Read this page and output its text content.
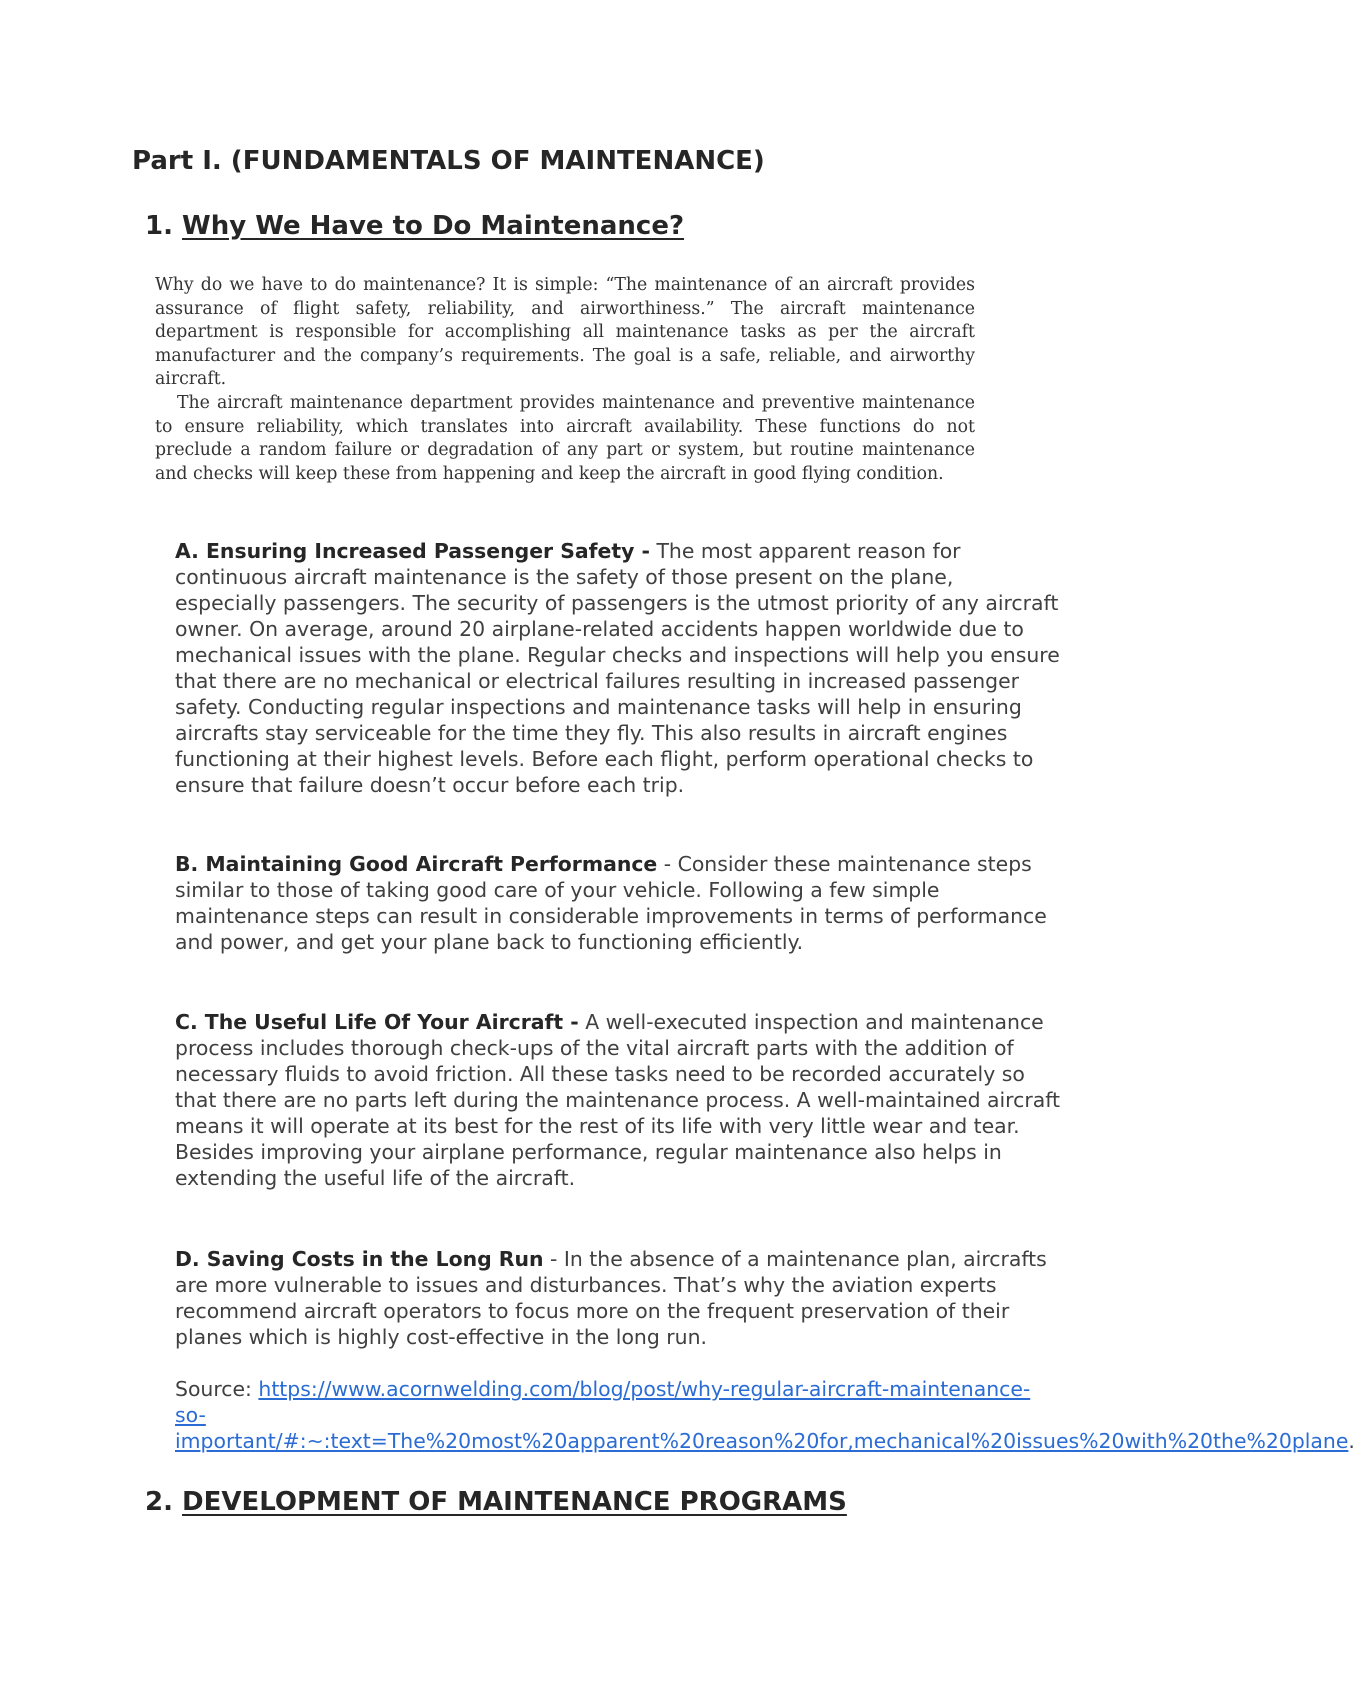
Part I. (FUNDAMENTALS OF MAINTENANCE)
1. Why We Have to Do Maintenance?

Why do we have to do maintenance? It is simple: “The maintenance of an aircraft provides assurance of flight safety, reliability, and airworthiness.” The aircraft maintenance department is responsible for accomplishing all maintenance tasks as per the aircraft manufacturer and the company’s requirements. The goal is a safe, reliable, and airworthy aircraft.

The aircraft maintenance department provides maintenance and preventive maintenance to ensure reliability, which translates into aircraft availability. These functions do not preclude a random failure or degradation of any part or system, but routine maintenance and checks will keep these from happening and keep the aircraft in good flying condition.

A. Ensuring Increased Passenger Safety - The most apparent reason for continuous aircraft maintenance is the safety of those present on the plane, especially passengers. The security of passengers is the utmost priority of any aircraft owner. On average, around 20 airplane-related accidents happen worldwide due to mechanical issues with the plane. Regular checks and inspections will help you ensure that there are no mechanical or electrical failures resulting in increased passenger safety. Conducting regular inspections and maintenance tasks will help in ensuring aircrafts stay serviceable for the time they fly. This also results in aircraft engines functioning at their highest levels. Before each flight, perform operational checks to ensure that failure doesn’t occur before each trip.

B. Maintaining Good Aircraft Performance - Consider these maintenance steps similar to those of taking good care of your vehicle. Following a few simple maintenance steps can result in considerable improvements in terms of performance and power, and get your plane back to functioning efficiently.

C. The Useful Life Of Your Aircraft - A well-executed inspection and maintenance process includes thorough check-ups of the vital aircraft parts with the addition of necessary fluids to avoid friction. All these tasks need to be recorded accurately so that there are no parts left during the maintenance process. A well-maintained aircraft means it will operate at its best for the rest of its life with very little wear and tear. Besides improving your airplane performance, regular maintenance also helps in extending the useful life of the aircraft.

D. Saving Costs in the Long Run - In the absence of a maintenance plan, aircrafts are more vulnerable to issues and disturbances. That’s why the aviation experts recommend aircraft operators to focus more on the frequent preservation of their planes which is highly cost-effective in the long run.

Source: https://www.acornwelding.com/blog/post/why-regular-aircraft-maintenance-so-important/#:~:text=The%20most%20apparent%20reason%20for,mechanical%20issues%20with%20the%20plane.

2. DEVELOPMENT OF MAINTENANCE PROGRAMS
